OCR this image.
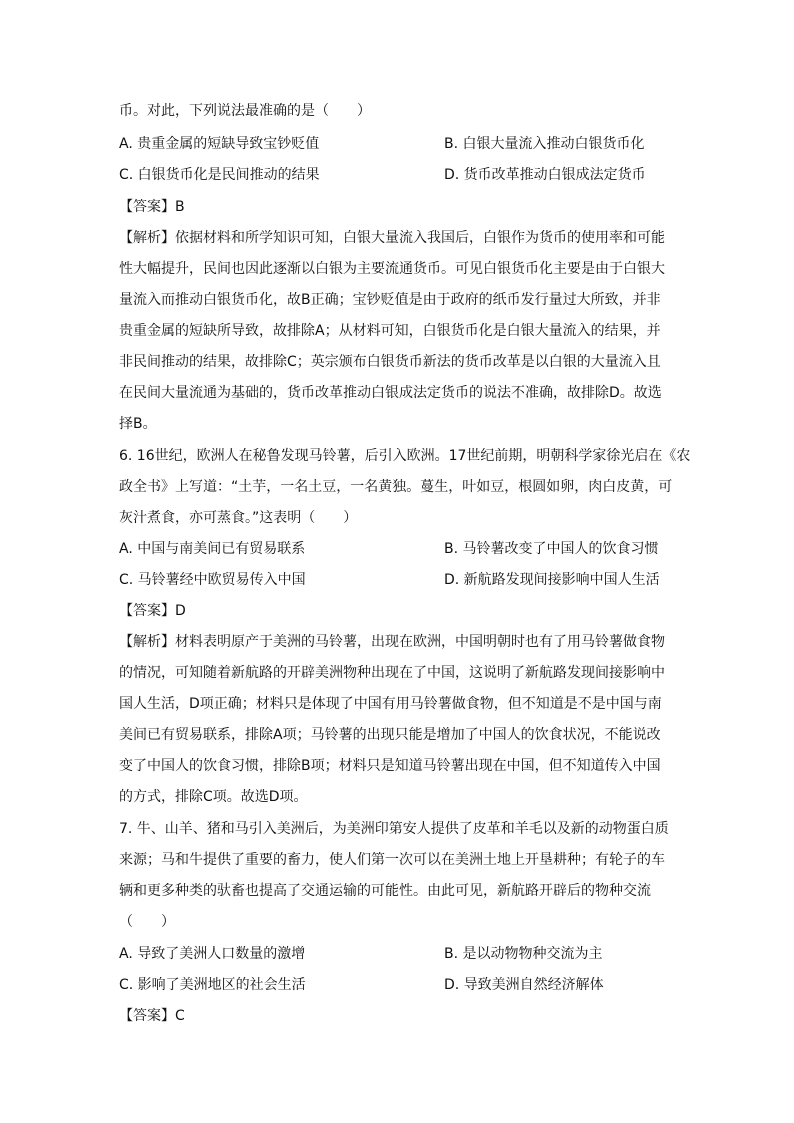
币。对此，下列说法最准确的是（　　）
A. 贵重金属的短缺导致宝钞贬值	B. 白银大量流入推动白银货币化
C. 白银货币化是民间推动的结果	D. 货币改革推动白银成法定货币
【答案】B
【解析】依据材料和所学知识可知，白银大量流入我国后，白银作为货币的使用率和可能
性大幅提升，民间也因此逐渐以白银为主要流通货币。可见白银货币化主要是由于白银大
量流入而推动白银货币化，故B正确；宝钞贬值是由于政府的纸币发行量过大所致，并非
贵重金属的短缺所导致，故排除A；从材料可知，白银货币化是白银大量流入的结果，并
非民间推动的结果，故排除C；英宗颁布白银货币新法的货币改革是以白银的大量流入且
在民间大量流通为基础的，货币改革推动白银成法定货币的说法不准确，故排除D。故选
择B。
6. 16世纪，欧洲人在秘鲁发现马铃薯，后引入欧洲。17世纪前期，明朝科学家徐光启在《农
政全书》上写道：“土芋，一名土豆，一名黄独。蔓生，叶如豆，根圆如卵，肉白皮黄，可
灰汁煮食，亦可蒸食。”这表明（　　）
A. 中国与南美间已有贸易联系	B. 马铃薯改变了中国人的饮食习惯
C. 马铃薯经中欧贸易传入中国	D. 新航路发现间接影响中国人生活
【答案】D
【解析】材料表明原产于美洲的马铃薯，出现在欧洲，中国明朝时也有了用马铃薯做食物
的情况，可知随着新航路的开辟美洲物种出现在了中国，这说明了新航路发现间接影响中
国人生活，D项正确；材料只是体现了中国有用马铃薯做食物，但不知道是不是中国与南
美间已有贸易联系，排除A项；马铃薯的出现只能是增加了中国人的饮食状况，不能说改
变了中国人的饮食习惯，排除B项；材料只是知道马铃薯出现在中国，但不知道传入中国
的方式，排除C项。故选D项。
7. 牛、山羊、猪和马引入美洲后，为美洲印第安人提供了皮革和羊毛以及新的动物蛋白质
来源；马和牛提供了重要的畜力，使人们第一次可以在美洲土地上开垦耕种；有轮子的车
辆和更多种类的驮畜也提高了交通运输的可能性。由此可见，新航路开辟后的物种交流
（　　）
A. 导致了美洲人口数量的激增	B. 是以动物物种交流为主
C. 影响了美洲地区的社会生活	D. 导致美洲自然经济解体
【答案】C
